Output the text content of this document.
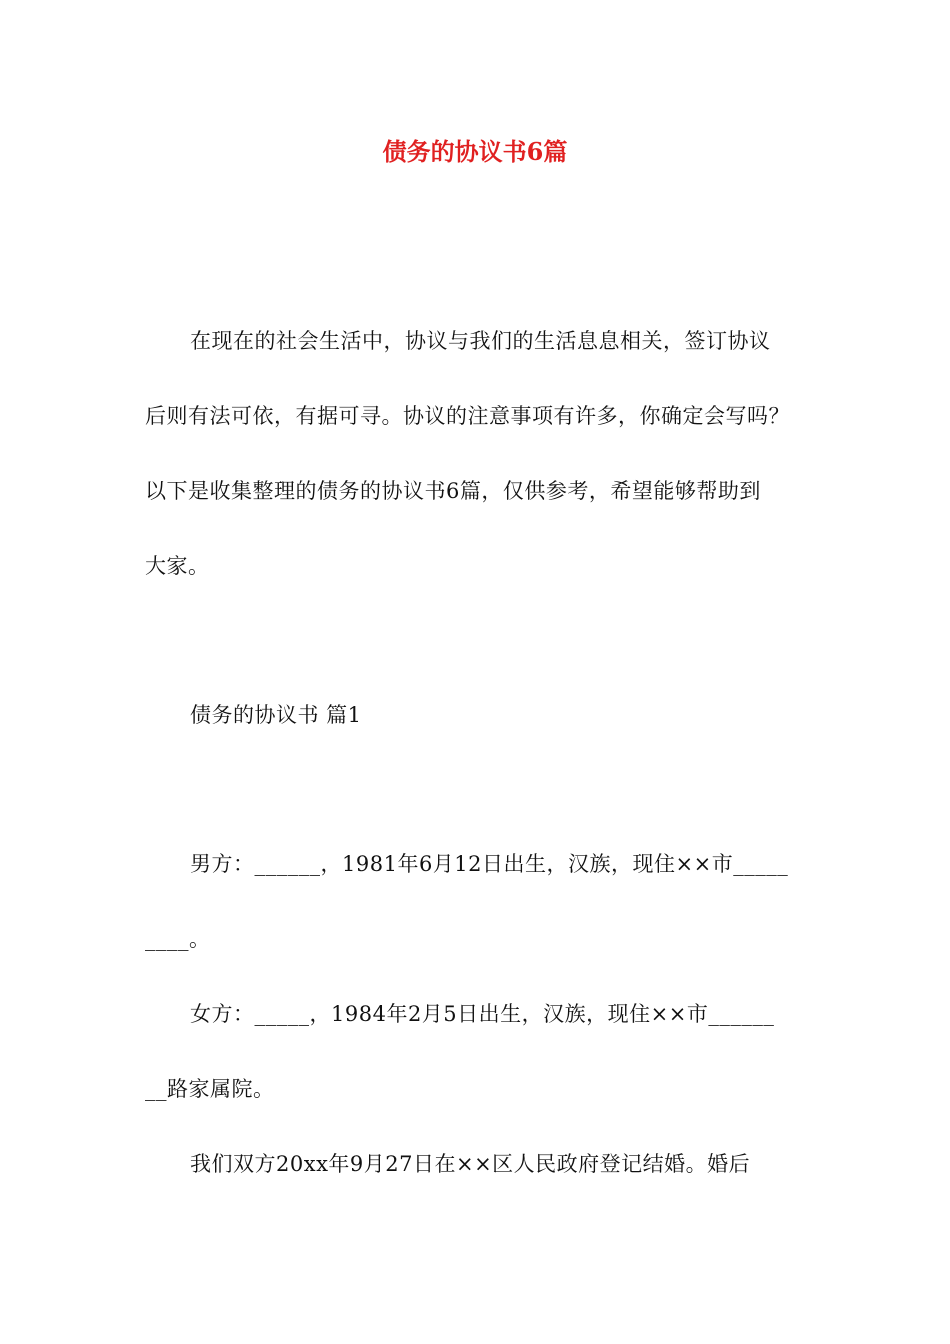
债务的协议书6篇
在现在的社会生活中，协议与我们的生活息息相关，签订协议
后则有法可依，有据可寻。协议的注意事项有许多，你确定会写吗？
以下是收集整理的债务的协议书6篇，仅供参考，希望能够帮助到
大家。
债务的协议书 篇1
男方：______，1981年6月12日出生，汉族，现住××市_____
____。
女方：_____，1984年2月5日出生，汉族，现住××市______
__路家属院。
我们双方20xx年9月27日在××区人民政府登记结婚。婚后
